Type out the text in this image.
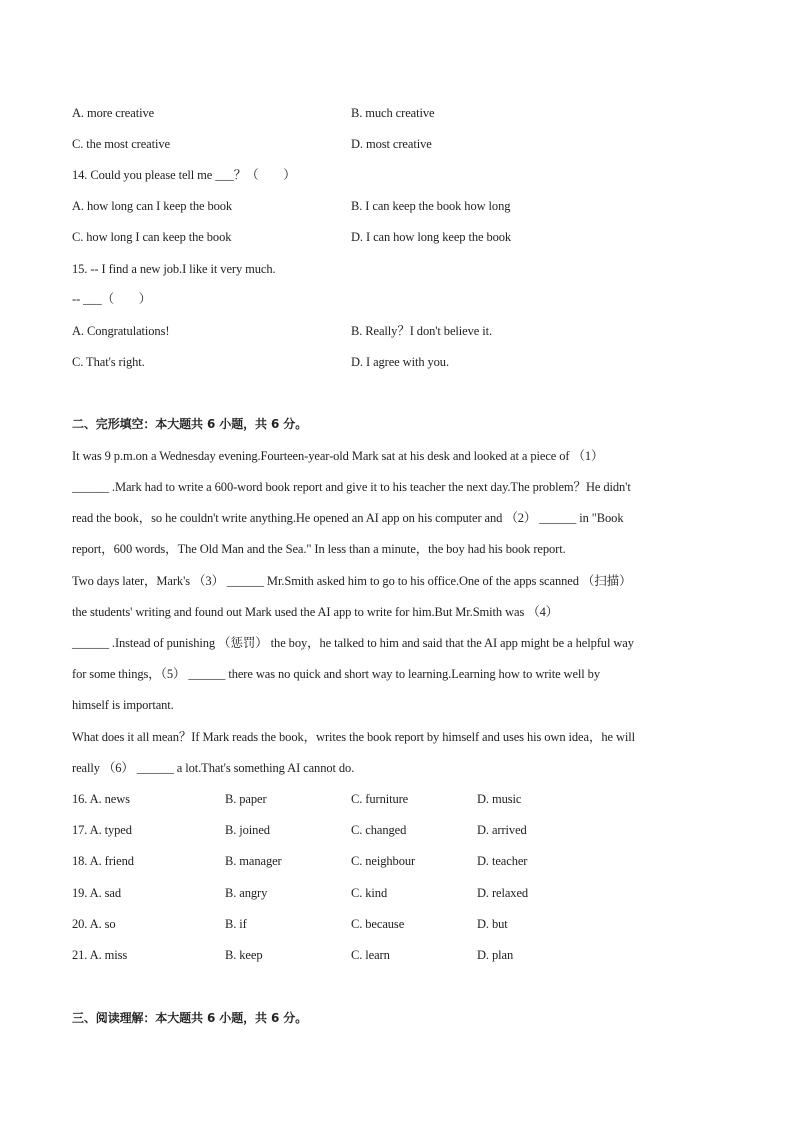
A. more creative	B. much creative
C. the most creative	D. most creative
14. Could you please tell me ___？（　　）
A. how long can I keep the book	B. I can keep the book how long
C. how long I can keep the book	D. I can how long keep the book
15. -- I find a new job.I like it very much.
-- ___（　　）
A. Congratulations!	B. Really？I don't believe it.
C. That's right.	D. I agree with you.
二、完形填空：本大题共 6 小题，共 6 分。
It was 9 p.m.on a Wednesday evening.Fourteen-year-old Mark sat at his desk and looked at a piece of （1）
______ .Mark had to write a 600-word book report and give it to his teacher the next day.The problem？He didn't
read the book，so he couldn't write anything.He opened an AI app on his computer and （2） ______ in "Book
report，600 words，The Old Man and the Sea." In less than a minute，the boy had his book report.
Two days later，Mark's （3） ______ Mr.Smith asked him to go to his office.One of the apps scanned （扫描）
the students' writing and found out Mark used the AI app to write for him.But Mr.Smith was （4）
______ .Instead of punishing （惩罚） the boy，he talked to him and said that the AI app might be a helpful way
for some things，（5） ______ there was no quick and short way to learning.Learning how to write well by
himself is important.
What does it all mean？If Mark reads the book，writes the book report by himself and uses his own idea，he will
really （6） ______ a lot.That's something AI cannot do.
16. A. news	B. paper	C. furniture	D. music
17. A. typed	B. joined	C. changed	D. arrived
18. A. friend	B. manager	C. neighbour	D. teacher
19. A. sad	B. angry	C. kind	D. relaxed
20. A. so	B. if	C. because	D. but
21. A. miss	B. keep	C. learn	D. plan
三、阅读理解：本大题共 6 小题，共 6 分。
